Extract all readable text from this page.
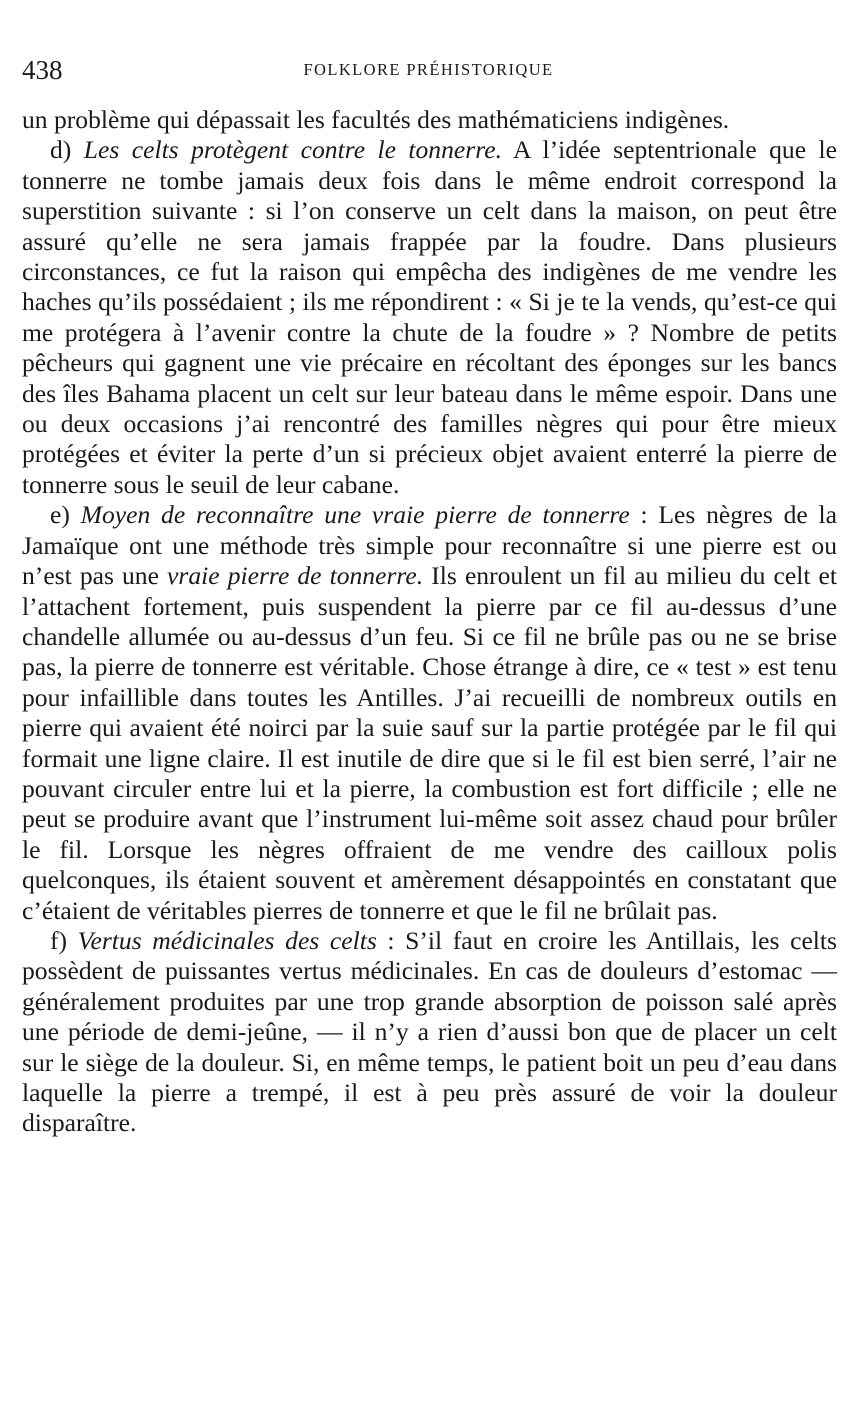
438	FOLKLORE PRÉHISTORIQUE

un problème qui dépassait les facultés des mathématiciens indigènes.

d) Les celts protègent contre le tonnerre. A l’idée septentrionale que le tonnerre ne tombe jamais deux fois dans le même endroit correspond la superstition suivante : si l’on conserve un celt dans la maison, on peut être assuré qu’elle ne sera jamais frappée par la foudre. Dans plusieurs circonstances, ce fut la raison qui empêcha des indigènes de me vendre les haches qu’ils possédaient ; ils me répondirent : « Si je te la vends, qu’est-ce qui me protégera à l’avenir contre la chute de la foudre » ? Nombre de petits pêcheurs qui gagnent une vie précaire en récoltant des éponges sur les bancs des îles Bahama placent un celt sur leur bateau dans le même espoir. Dans une ou deux occasions j’ai rencontré des familles nègres qui pour être mieux protégées et éviter la perte d’un si précieux objet avaient enterré la pierre de tonnerre sous le seuil de leur cabane.

e) Moyen de reconnaître une vraie pierre de tonnerre : Les nègres de la Jamaïque ont une méthode très simple pour reconnaître si une pierre est ou n’est pas une vraie pierre de tonnerre. Ils enroulent un fil au milieu du celt et l’attachent fortement, puis suspendent la pierre par ce fil au-dessus d’une chandelle allumée ou au-dessus d’un feu. Si ce fil ne brûle pas ou ne se brise pas, la pierre de tonnerre est véritable. Chose étrange à dire, ce « test » est tenu pour infaillible dans toutes les Antilles. J’ai recueilli de nombreux outils en pierre qui avaient été noirci par la suie sauf sur la partie protégée par le fil qui formait une ligne claire. Il est inutile de dire que si le fil est bien serré, l’air ne pouvant circuler entre lui et la pierre, la combustion est fort difficile ; elle ne peut se produire avant que l’instrument lui-même soit assez chaud pour brûler le fil. Lorsque les nègres offraient de me vendre des cailloux polis quelconques, ils étaient souvent et amèrement désappointés en constatant que c’étaient de véritables pierres de tonnerre et que le fil ne brûlait pas.

f) Vertus médicinales des celts : S’il faut en croire les Antillais, les celts possèdent de puissantes vertus médicinales. En cas de douleurs d’estomac — généralement produites par une trop grande absorption de poisson salé après une période de demi-jeûne, — il n’y a rien d’aussi bon que de placer un celt sur le siège de la douleur. Si, en même temps, le patient boit un peu d’eau dans laquelle la pierre a trempé, il est à peu près assuré de voir la douleur disparaître.
